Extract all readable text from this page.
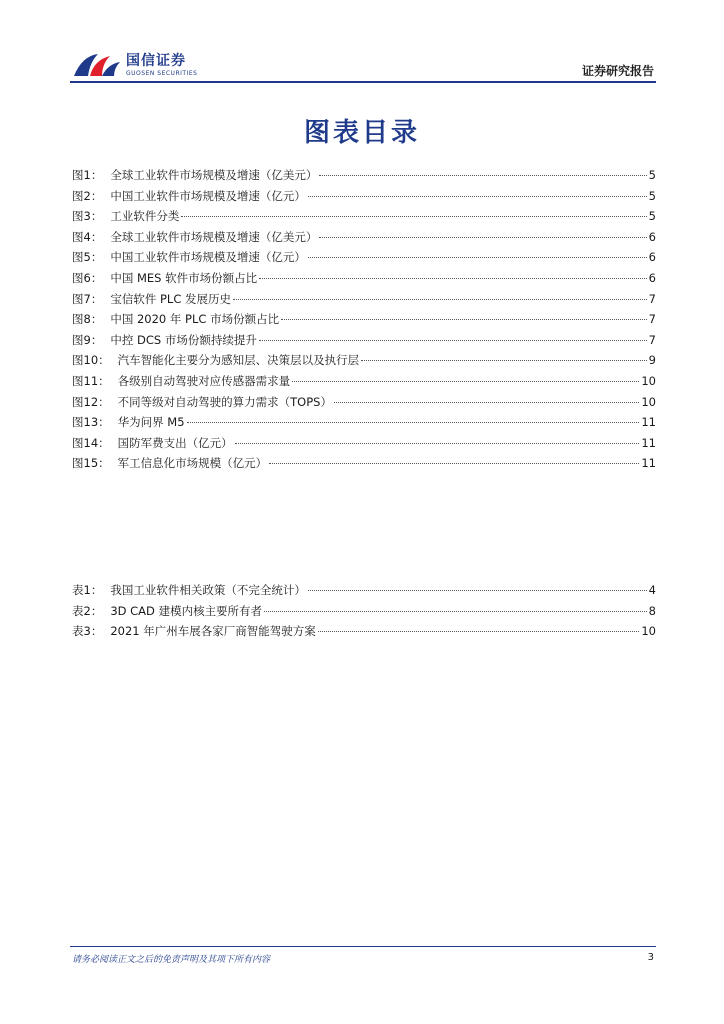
国信证券
GUOSEN SECURITIES	证券研究报告
图表目录
图1： 全球工业软件市场规模及增速（亿美元）	5
图2： 中国工业软件市场规模及增速（亿元）	5
图3： 工业软件分类	5
图4： 全球工业软件市场规模及增速（亿美元）	6
图5： 中国工业软件市场规模及增速（亿元）	6
图6： 中国 MES 软件市场份额占比	6
图7： 宝信软件 PLC 发展历史	7
图8： 中国 2020 年 PLC 市场份额占比	7
图9： 中控 DCS 市场份额持续提升	7
图10： 汽车智能化主要分为感知层、决策层以及执行层	9
图11： 各级别自动驾驶对应传感器需求量	10
图12： 不同等级对自动驾驶的算力需求（TOPS）	10
图13： 华为问界 M5	11
图14： 国防军费支出（亿元）	11
图15： 军工信息化市场规模（亿元）	11
表1： 我国工业软件相关政策（不完全统计）	4
表2： 3D CAD 建模内核主要所有者	8
表3： 2021 年广州车展各家厂商智能驾驶方案	10
请务必阅读正文之后的免责声明及其项下所有内容	3
